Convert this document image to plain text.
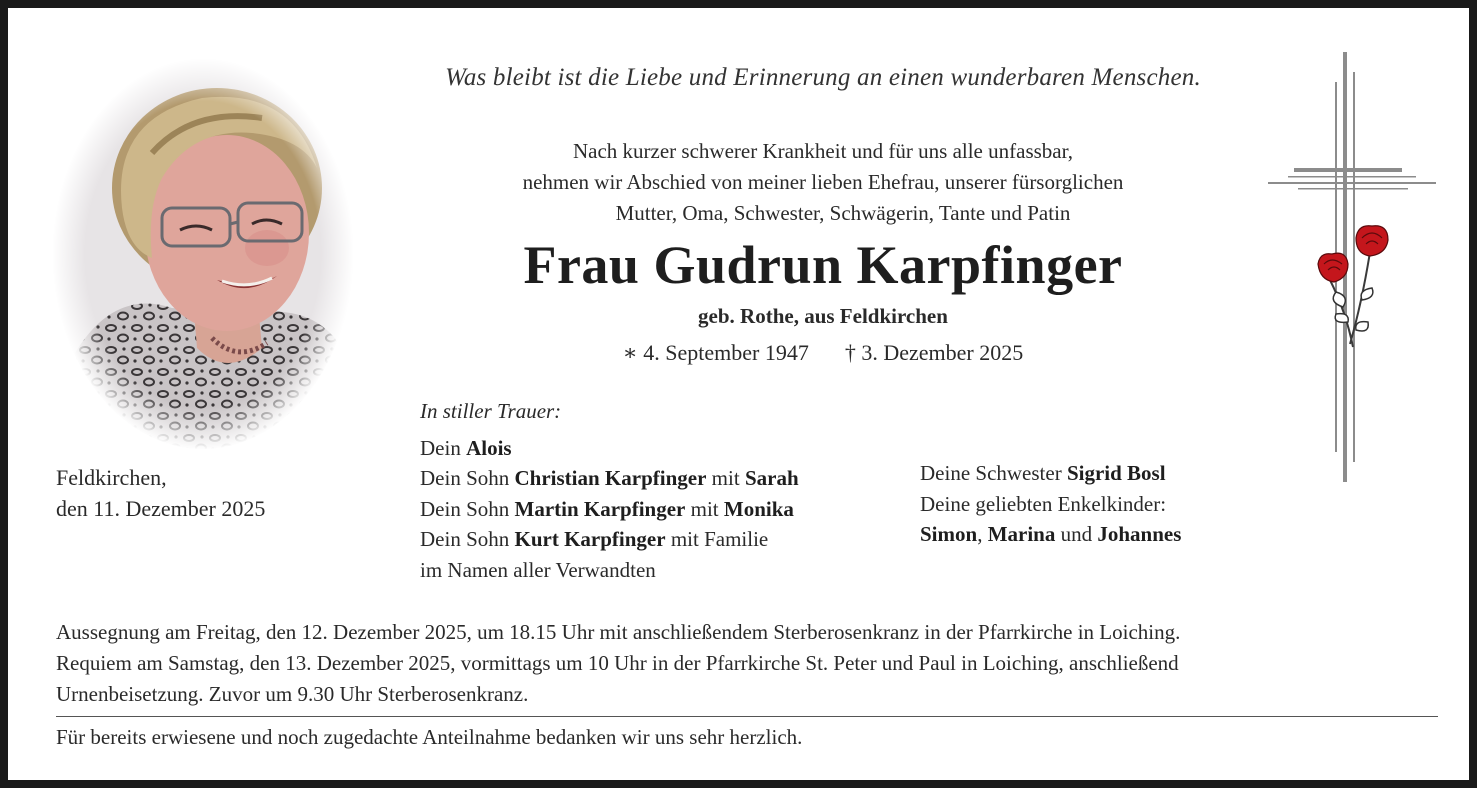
Was bleibt ist die Liebe und Erinnerung an einen wunderbaren Menschen.
Nach kurzer schwerer Krankheit und für uns alle unfassbar,
nehmen wir Abschied von meiner lieben Ehefrau, unserer fürsorglichen
Mutter, Oma, Schwester, Schwägerin, Tante und Patin
Frau Gudrun Karpfinger
geb. Rothe, aus Feldkirchen
∗ 4. September 1947 † 3. Dezember 2025
Feldkirchen,
den 11. Dezember 2025
In stiller Trauer:
Dein Alois
Dein Sohn Christian Karpfinger mit Sarah
Dein Sohn Martin Karpfinger mit Monika
Dein Sohn Kurt Karpfinger mit Familie
im Namen aller Verwandten
Deine Schwester Sigrid Bosl
Deine geliebten Enkelkinder:
Simon, Marina und Johannes
Aussegnung am Freitag, den 12. Dezember 2025, um 18.15 Uhr mit anschließendem Sterberosenkranz in der Pfarrkirche in Loiching.
Requiem am Samstag, den 13. Dezember 2025, vormittags um 10 Uhr in der Pfarrkirche St. Peter und Paul in Loiching, anschließend
Urnenbeisetzung. Zuvor um 9.30 Uhr Sterberosenkranz.
Für bereits erwiesene und noch zugedachte Anteilnahme bedanken wir uns sehr herzlich.
